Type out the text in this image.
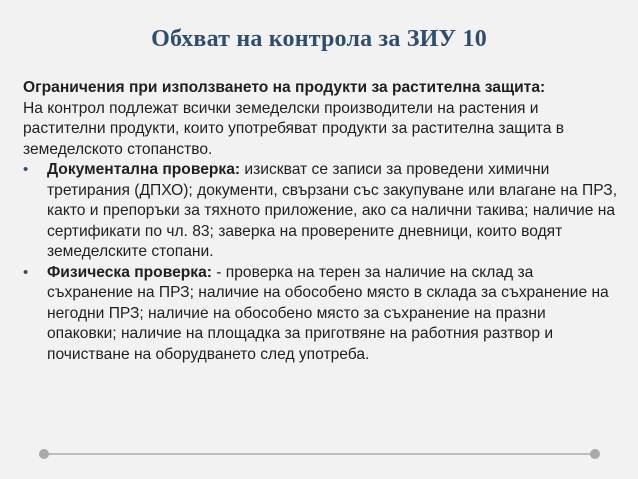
Обхват на контрола за ЗИУ 10
Ограничения при използването на продукти за растителна защита:

На контрол подлежат всички земеделски производители на растения и растителни продукти, които употребяват продукти за растителна защита в земеделското стопанство.

• Документална проверка: изискват се записи за проведени химични третирания (ДПХО); документи, свързани със закупуване или влагане на ПРЗ, както и препоръки за тяхното приложение, ако са налични такива; наличие на сертификати по чл. 83; заверка на проверените дневници, които водят земеделските стопани.
• Физическа проверка: - проверка на терен за наличие на склад за съхранение на ПРЗ; наличие на обособено място в склада за съхранение на негодни ПРЗ; наличие на обособено място за съхранение на празни опаковки; наличие на площадка за приготвяне на работния разтвор и почистване на оборудването след употреба.
